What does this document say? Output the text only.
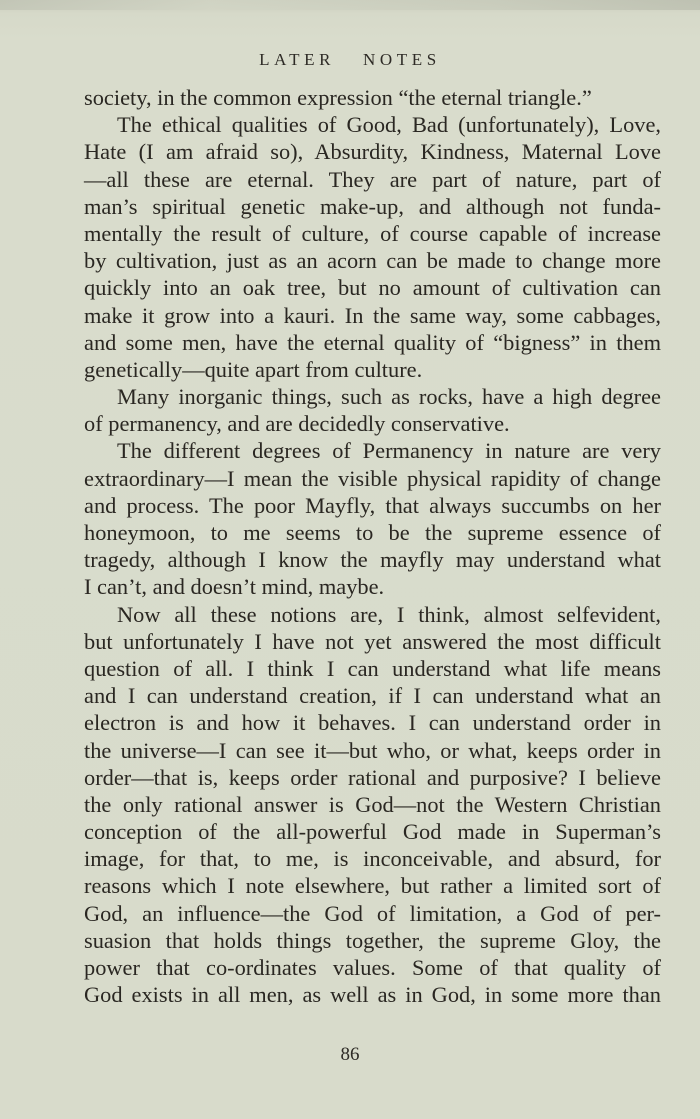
LATER NOTES
society, in the common expression “the eternal triangle.”
The ethical qualities of Good, Bad (unfortunately), Love,
Hate (I am afraid so), Absurdity, Kindness, Maternal Love
—all these are eternal. They are part of nature, part of
man’s spiritual genetic make-up, and although not funda-
mentally the result of culture, of course capable of increase
by cultivation, just as an acorn can be made to change more
quickly into an oak tree, but no amount of cultivation can
make it grow into a kauri. In the same way, some cabbages,
and some men, have the eternal quality of “bigness” in them
genetically—quite apart from culture.
Many inorganic things, such as rocks, have a high degree
of permanency, and are decidedly conservative.
The different degrees of Permanency in nature are very
extraordinary—I mean the visible physical rapidity of change
and process. The poor Mayfly, that always succumbs on her
honeymoon, to me seems to be the supreme essence of
tragedy, although I know the mayfly may understand what
I can’t, and doesn’t mind, maybe.
Now all these notions are, I think, almost selfevident,
but unfortunately I have not yet answered the most difficult
question of all. I think I can understand what life means
and I can understand creation, if I can understand what an
electron is and how it behaves. I can understand order in
the universe—I can see it—but who, or what, keeps order in
order—that is, keeps order rational and purposive? I believe
the only rational answer is God—not the Western Christian
conception of the all-powerful God made in Superman’s
image, for that, to me, is inconceivable, and absurd, for
reasons which I note elsewhere, but rather a limited sort of
God, an influence—the God of limitation, a God of per-
suasion that holds things together, the supreme Gloy, the
power that co-ordinates values. Some of that quality of
God exists in all men, as well as in God, in some more than
86
